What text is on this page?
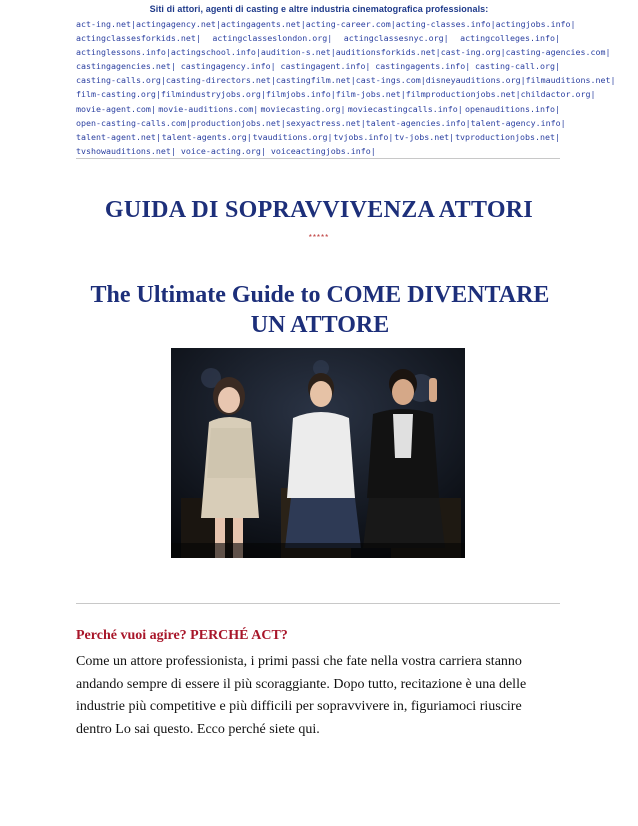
Siti di attori, agenti di casting e altre industria cinematografica professionals:
act-ing.net| actingagency.net| actingagents.net| acting-career.com| acting-classes.info| actingjobs.info|
actingclassesforkids.net| actingclasseslondon.org| actingclassesnyc.org| actingcolleges.info|
actinglessons.info| actingschool.info| audition-s.net| auditionsforkids.net| cast-ing.org| casting-agencies.com|
castingagencies.net| castingagency.info| castingagent.info| castingagents.info| casting-call.org|
casting-calls.org| casting-directors.net| castingfilm.net| cast-ings.com| disneyauditions.org| filmauditions.net|
film-casting.org| filmindustryjobs.org| filmjobs.info| film-jobs.net| filmproductionjobs.net| childactor.org|
movie-agent.com| movie-auditions.com| moviecasting.org| moviecastingcalls.info| openauditions.info|
open-casting-calls.com| productionjobs.net| sexyactress.net| talent-agencies.info| talent-agency.info|
talent-agent.net| talent-agents.org| tvauditions.org| tvjobs.info| tv-jobs.net| tvproductionjobs.net|
tvshowauditions.net| voice-acting.org| voiceactingjobs.info|
GUIDA DI SOPRAVVIVENZA ATTORI
*****
The Ultimate Guide to COME DIVENTARE UN ATTORE
Perché vuoi agire? PERCHÉ ACT?
Come un attore professionista, i primi passi che fate nella vostra carriera stanno andando sempre di essere il più scoraggiante. Dopo tutto, recitazione è una delle industrie più competitive e più difficili per sopravvivere in, figuriamoci riuscire dentro Lo sai questo. Ecco perché siete qui.
